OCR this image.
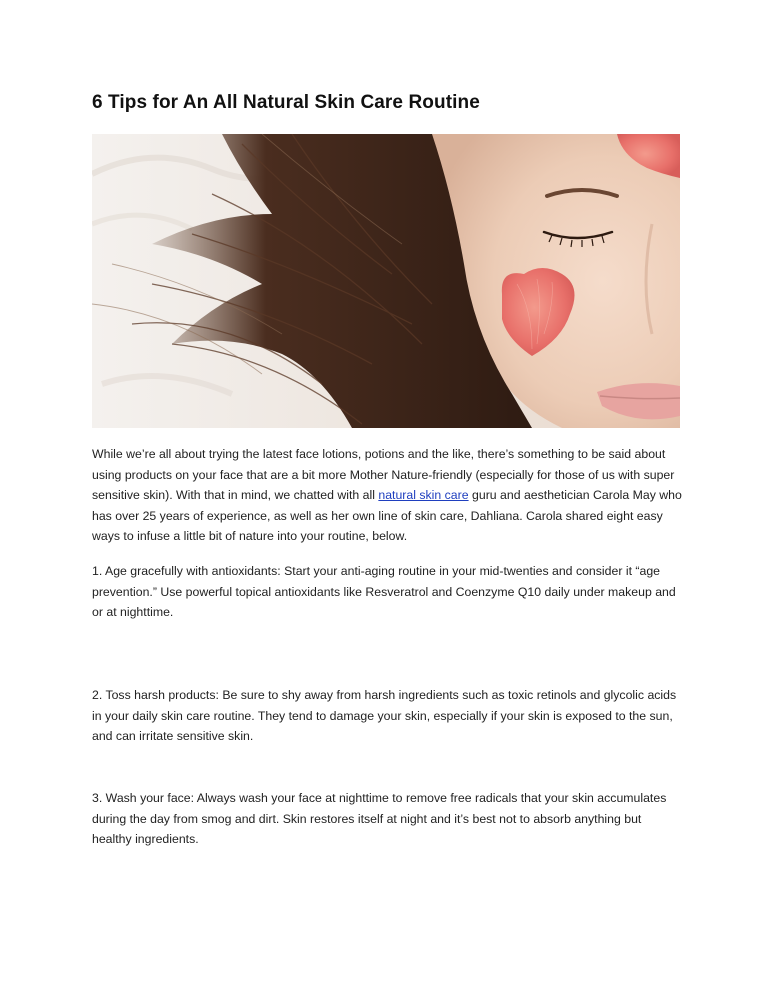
6 Tips for An All Natural Skin Care Routine

While we’re all about trying the latest face lotions, potions and the like, there’s something to be said about using products on your face that are a bit more Mother Nature-friendly (especially for those of us with super sensitive skin). With that in mind, we chatted with all natural skin care guru and aesthetician Carola May who has over 25 years of experience, as well as her own line of skin care, Dahliana. Carola shared eight easy ways to infuse a little bit of nature into your routine, below.

1. Age gracefully with antioxidants: Start your anti-aging routine in your mid-twenties and consider it “age prevention.” Use powerful topical antioxidants like Resveratrol and Coenzyme Q10 daily under makeup and or at nighttime.

2. Toss harsh products: Be sure to shy away from harsh ingredients such as toxic retinols and glycolic acids in your daily skin care routine. They tend to damage your skin, especially if your skin is exposed to the sun, and can irritate sensitive skin.

3. Wash your face: Always wash your face at nighttime to remove free radicals that your skin accumulates during the day from smog and dirt. Skin restores itself at night and it’s best not to absorb anything but healthy ingredients.
